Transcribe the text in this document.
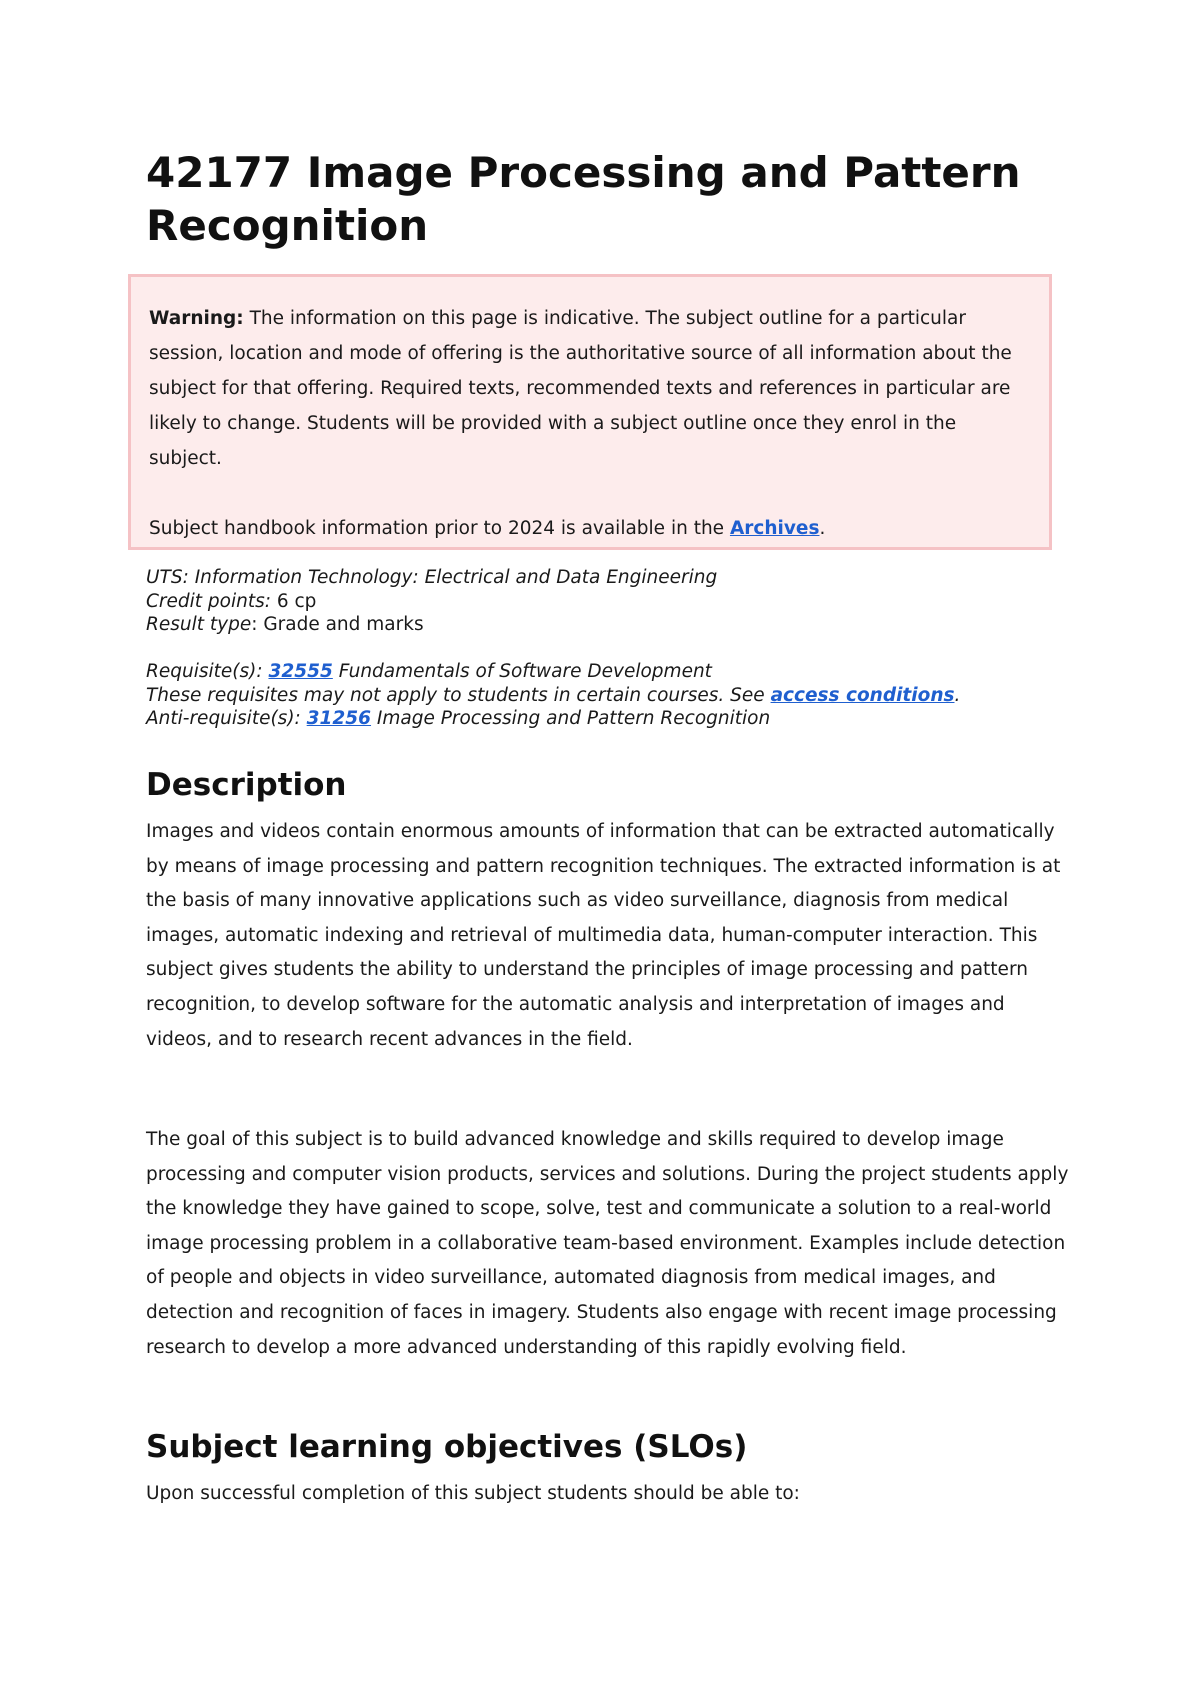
42177 Image Processing and Pattern Recognition

Warning: The information on this page is indicative. The subject outline for a particular session, location and mode of offering is the authoritative source of all information about the subject for that offering. Required texts, recommended texts and references in particular are likely to change. Students will be provided with a subject outline once they enrol in the subject.

Subject handbook information prior to 2024 is available in the Archives.

UTS: Information Technology: Electrical and Data Engineering

Credit points: 6 cp

Result type: Grade and marks

Requisite(s): 32555 Fundamentals of Software Development

These requisites may not apply to students in certain courses. See access conditions.

Anti-requisite(s): 31256 Image Processing and Pattern Recognition

Description

Images and videos contain enormous amounts of information that can be extracted automatically by means of image processing and pattern recognition techniques. The extracted information is at the basis of many innovative applications such as video surveillance, diagnosis from medical images, automatic indexing and retrieval of multimedia data, human-computer interaction. This subject gives students the ability to understand the principles of image processing and pattern recognition, to develop software for the automatic analysis and interpretation of images and videos, and to research recent advances in the field.

The goal of this subject is to build advanced knowledge and skills required to develop image processing and computer vision products, services and solutions. During the project students apply the knowledge they have gained to scope, solve, test and communicate a solution to a real-world image processing problem in a collaborative team-based environment. Examples include detection of people and objects in video surveillance, automated diagnosis from medical images, and detection and recognition of faces in imagery. Students also engage with recent image processing research to develop a more advanced understanding of this rapidly evolving field.

Subject learning objectives (SLOs)

Upon successful completion of this subject students should be able to:
